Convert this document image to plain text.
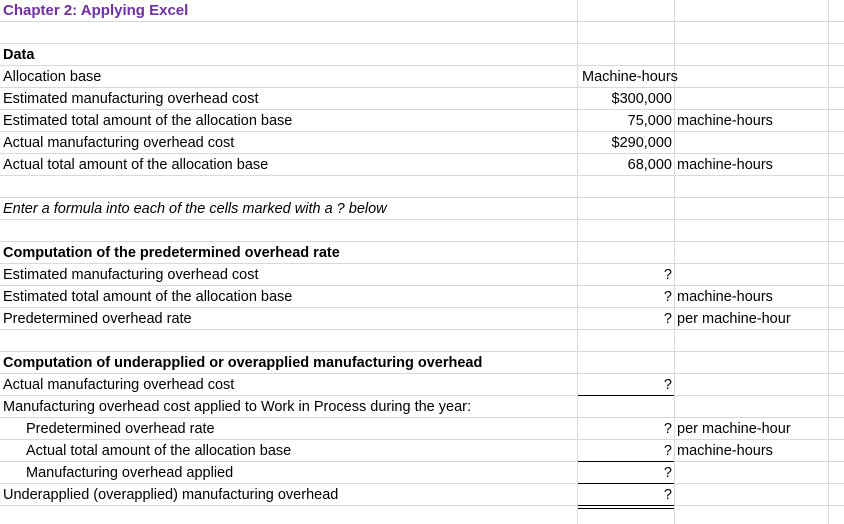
Chapter 2: Applying Excel
Data
Allocation base	Machine-hours
Estimated manufacturing overhead cost	$300,000
Estimated total amount of the allocation base	75,000 machine-hours
Actual manufacturing overhead cost	$290,000
Actual total amount of the allocation base	68,000 machine-hours
Enter a formula into each of the cells marked with a ? below
Computation of the predetermined overhead rate
Estimated manufacturing overhead cost	?
Estimated total amount of the allocation base	? machine-hours
Predetermined overhead rate	? per machine-hour
Computation of underapplied or overapplied manufacturing overhead
Actual manufacturing overhead cost	?
Manufacturing overhead cost applied to Work in Process during the year:
Predetermined overhead rate	? per machine-hour
Actual total amount of the allocation base	? machine-hours
Manufacturing overhead applied	?
Underapplied (overapplied) manufacturing overhead	?
